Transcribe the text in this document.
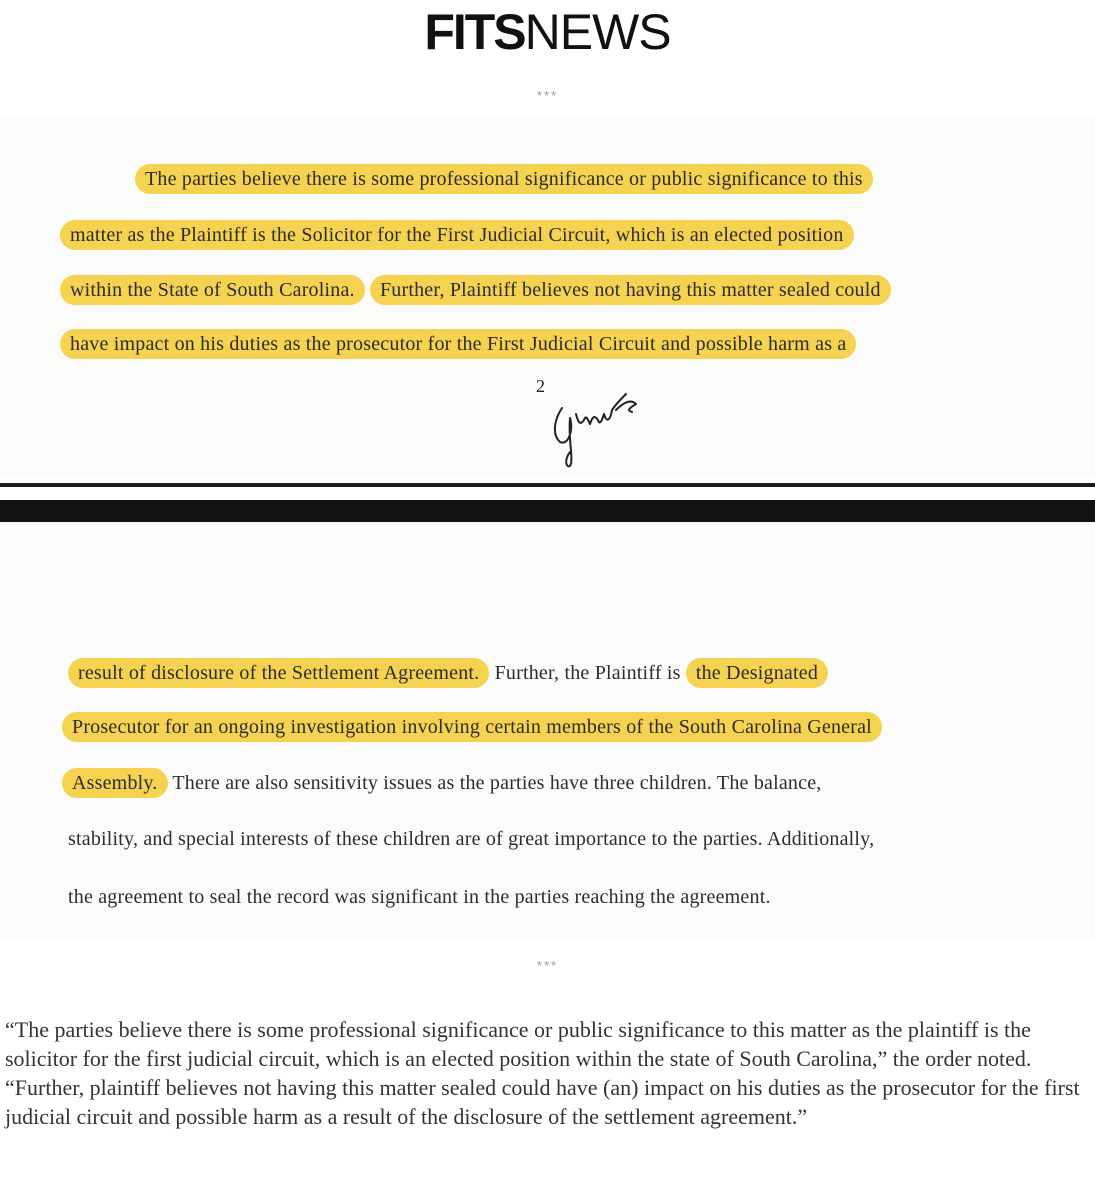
FITSNEWS
***
The parties believe there is some professional significance or public significance to this
matter as the Plaintiff is the Solicitor for the First Judicial Circuit, which is an elected position
within the State of South Carolina. Further, Plaintiff believes not having this matter sealed could
have impact on his duties as the prosecutor for the First Judicial Circuit and possible harm as a
2
result of disclosure of the Settlement Agreement. Further, the Plaintiff is the Designated
Prosecutor for an ongoing investigation involving certain members of the South Carolina General
Assembly. There are also sensitivity issues as the parties have three children. The balance,
stability, and special interests of these children are of great importance to the parties. Additionally,
the agreement to seal the record was significant in the parties reaching the agreement.
***
“The parties believe there is some professional significance or public significance to this matter as the plaintiff is the solicitor for the first judicial circuit, which is an elected position within the state of South Carolina,” the order noted. “Further, plaintiff believes not having this matter sealed could have (an) impact on his duties as the prosecutor for the first judicial circuit and possible harm as a result of the disclosure of the settlement agreement.”
